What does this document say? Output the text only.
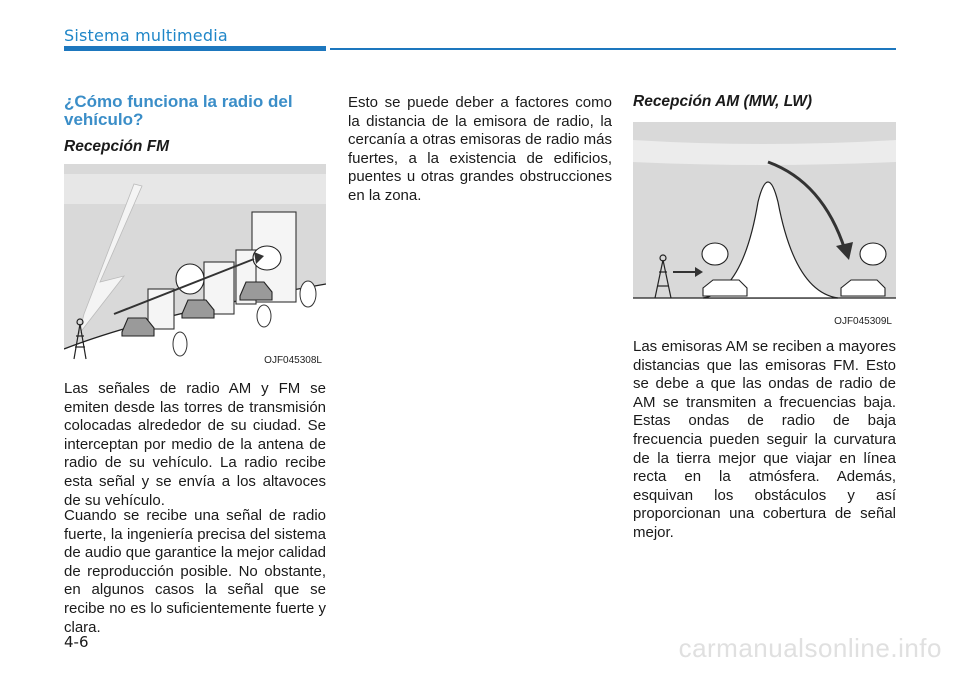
Sistema multimedia
¿Cómo funciona la radio del vehículo?
Recepción FM
OJF045308L

Las señales de radio AM y FM se emiten desde las torres de transmisión colocadas alrededor de su ciudad. Se interceptan por medio de la antena de radio de su vehículo. La radio recibe esta señal y se envía a los altavoces de su vehículo.

Cuando se recibe una señal de radio fuerte, la ingeniería precisa del sistema de audio que garantice la mejor calidad de reproducción posible. No obstante, en algunos casos la señal que se recibe no es lo suficientemente fuerte y clara.

Esto se puede deber a factores como la distancia de la emisora de radio, la cercanía a otras emisoras de radio más fuertes, a la existencia de edificios, puentes u otras grandes obstrucciones en la zona.

Recepción AM (MW, LW)
OJF045309L

Las emisoras AM se reciben a mayores distancias que las emisoras FM. Esto se debe a que las ondas de radio de AM se transmiten a frecuencias baja. Estas ondas de radio de baja frecuencia pueden seguir la curvatura de la tierra mejor que viajar en línea recta en la atmósfera. Además, esquivan los obstáculos y así proporcionan una cobertura de señal mejor.

4-6	carmanualsonline.info
